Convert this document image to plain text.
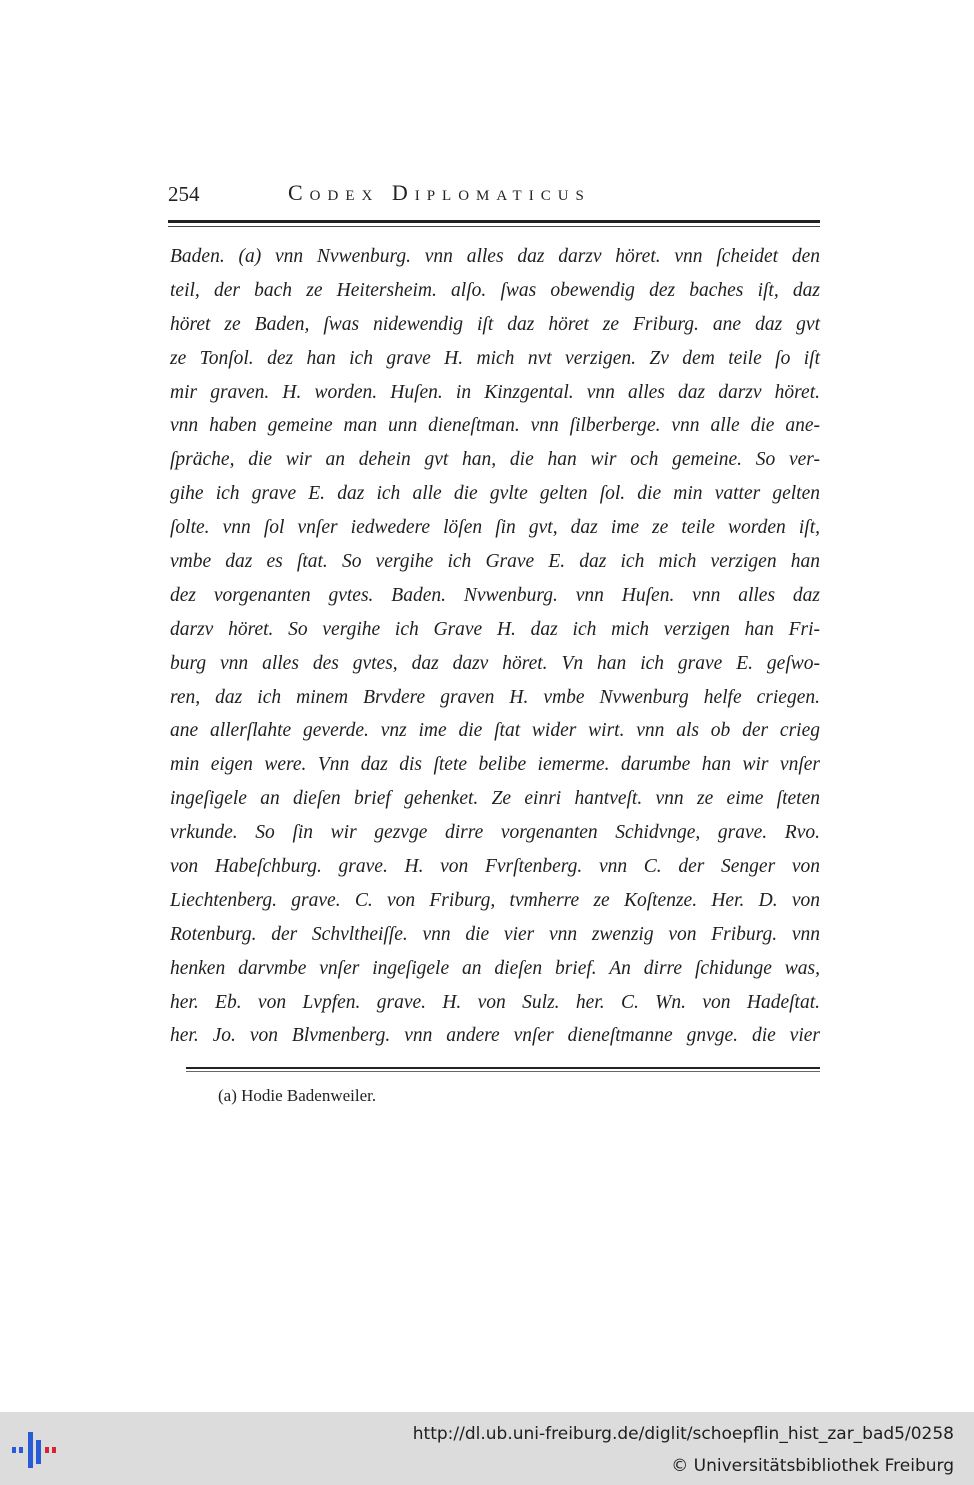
254	Codex Diplomaticus
Baden. (a) vnn Nvwenburg. vnn alles daz darzv höret. vnn ſcheidet den
teil, der bach ze Heitersheim. alſo. ſwas obewendig dez baches iſt, daz
höret ze Baden, ſwas nidewendig iſt daz höret ze Friburg. ane daz gvt
ze Tonſol. dez han ich grave H. mich nvt verzigen. Zv dem teile ſo iſt
mir graven. H. worden. Huſen. in Kinzgental. vnn alles daz darzv höret.
vnn haben gemeine man unn dieneſtman. vnn ſilberberge. vnn alle die ane-
ſpräche, die wir an dehein gvt han, die han wir och gemeine. So ver-
gihe ich grave E. daz ich alle die gvlte gelten ſol. die min vatter gelten
ſolte. vnn ſol vnſer iedwedere löſen ſin gvt, daz ime ze teile worden iſt,
vmbe daz es ſtat. So vergihe ich Grave E. daz ich mich verzigen han
dez vorgenanten gvtes. Baden. Nvwenburg. vnn Huſen. vnn alles daz
darzv höret. So vergihe ich Grave H. daz ich mich verzigen han Fri-
burg vnn alles des gvtes, daz dazv höret. Vn han ich grave E. geſwo-
ren, daz ich minem Brvdere graven H. vmbe Nvwenburg helfe criegen.
ane allerſlahte geverde. vnz ime die ſtat wider wirt. vnn als ob der crieg
min eigen were. Vnn daz dis ſtete belibe iemerme. darumbe han wir vnſer
ingeſigele an dieſen brief gehenket. Ze einri hantveſt. vnn ze eime ſteten
vrkunde. So ſin wir gezvge dirre vorgenanten Schidvnge, grave. Rvo.
von Habeſchburg. grave. H. von Fvrſtenberg. vnn C. der Senger von
Liechtenberg. grave. C. von Friburg, tvmherre ze Koſtenze. Her. D. von
Rotenburg. der Schvltheiſſe. vnn die vier vnn zwenzig von Friburg. vnn
henken darvmbe vnſer ingeſigele an dieſen brief. An dirre ſchidunge was,
her. Eb. von Lvpfen. grave. H. von Sulz. her. C. Wn. von Hadeſtat.
her. Jo. von Blvmenberg. vnn andere vnſer dieneſtmanne gnvge. die vier
(a) Hodie Badenweiler.
http://dl.ub.uni-freiburg.de/diglit/schoepflin_hist_zar_bad5/0258
© Universitätsbibliothek Freiburg
